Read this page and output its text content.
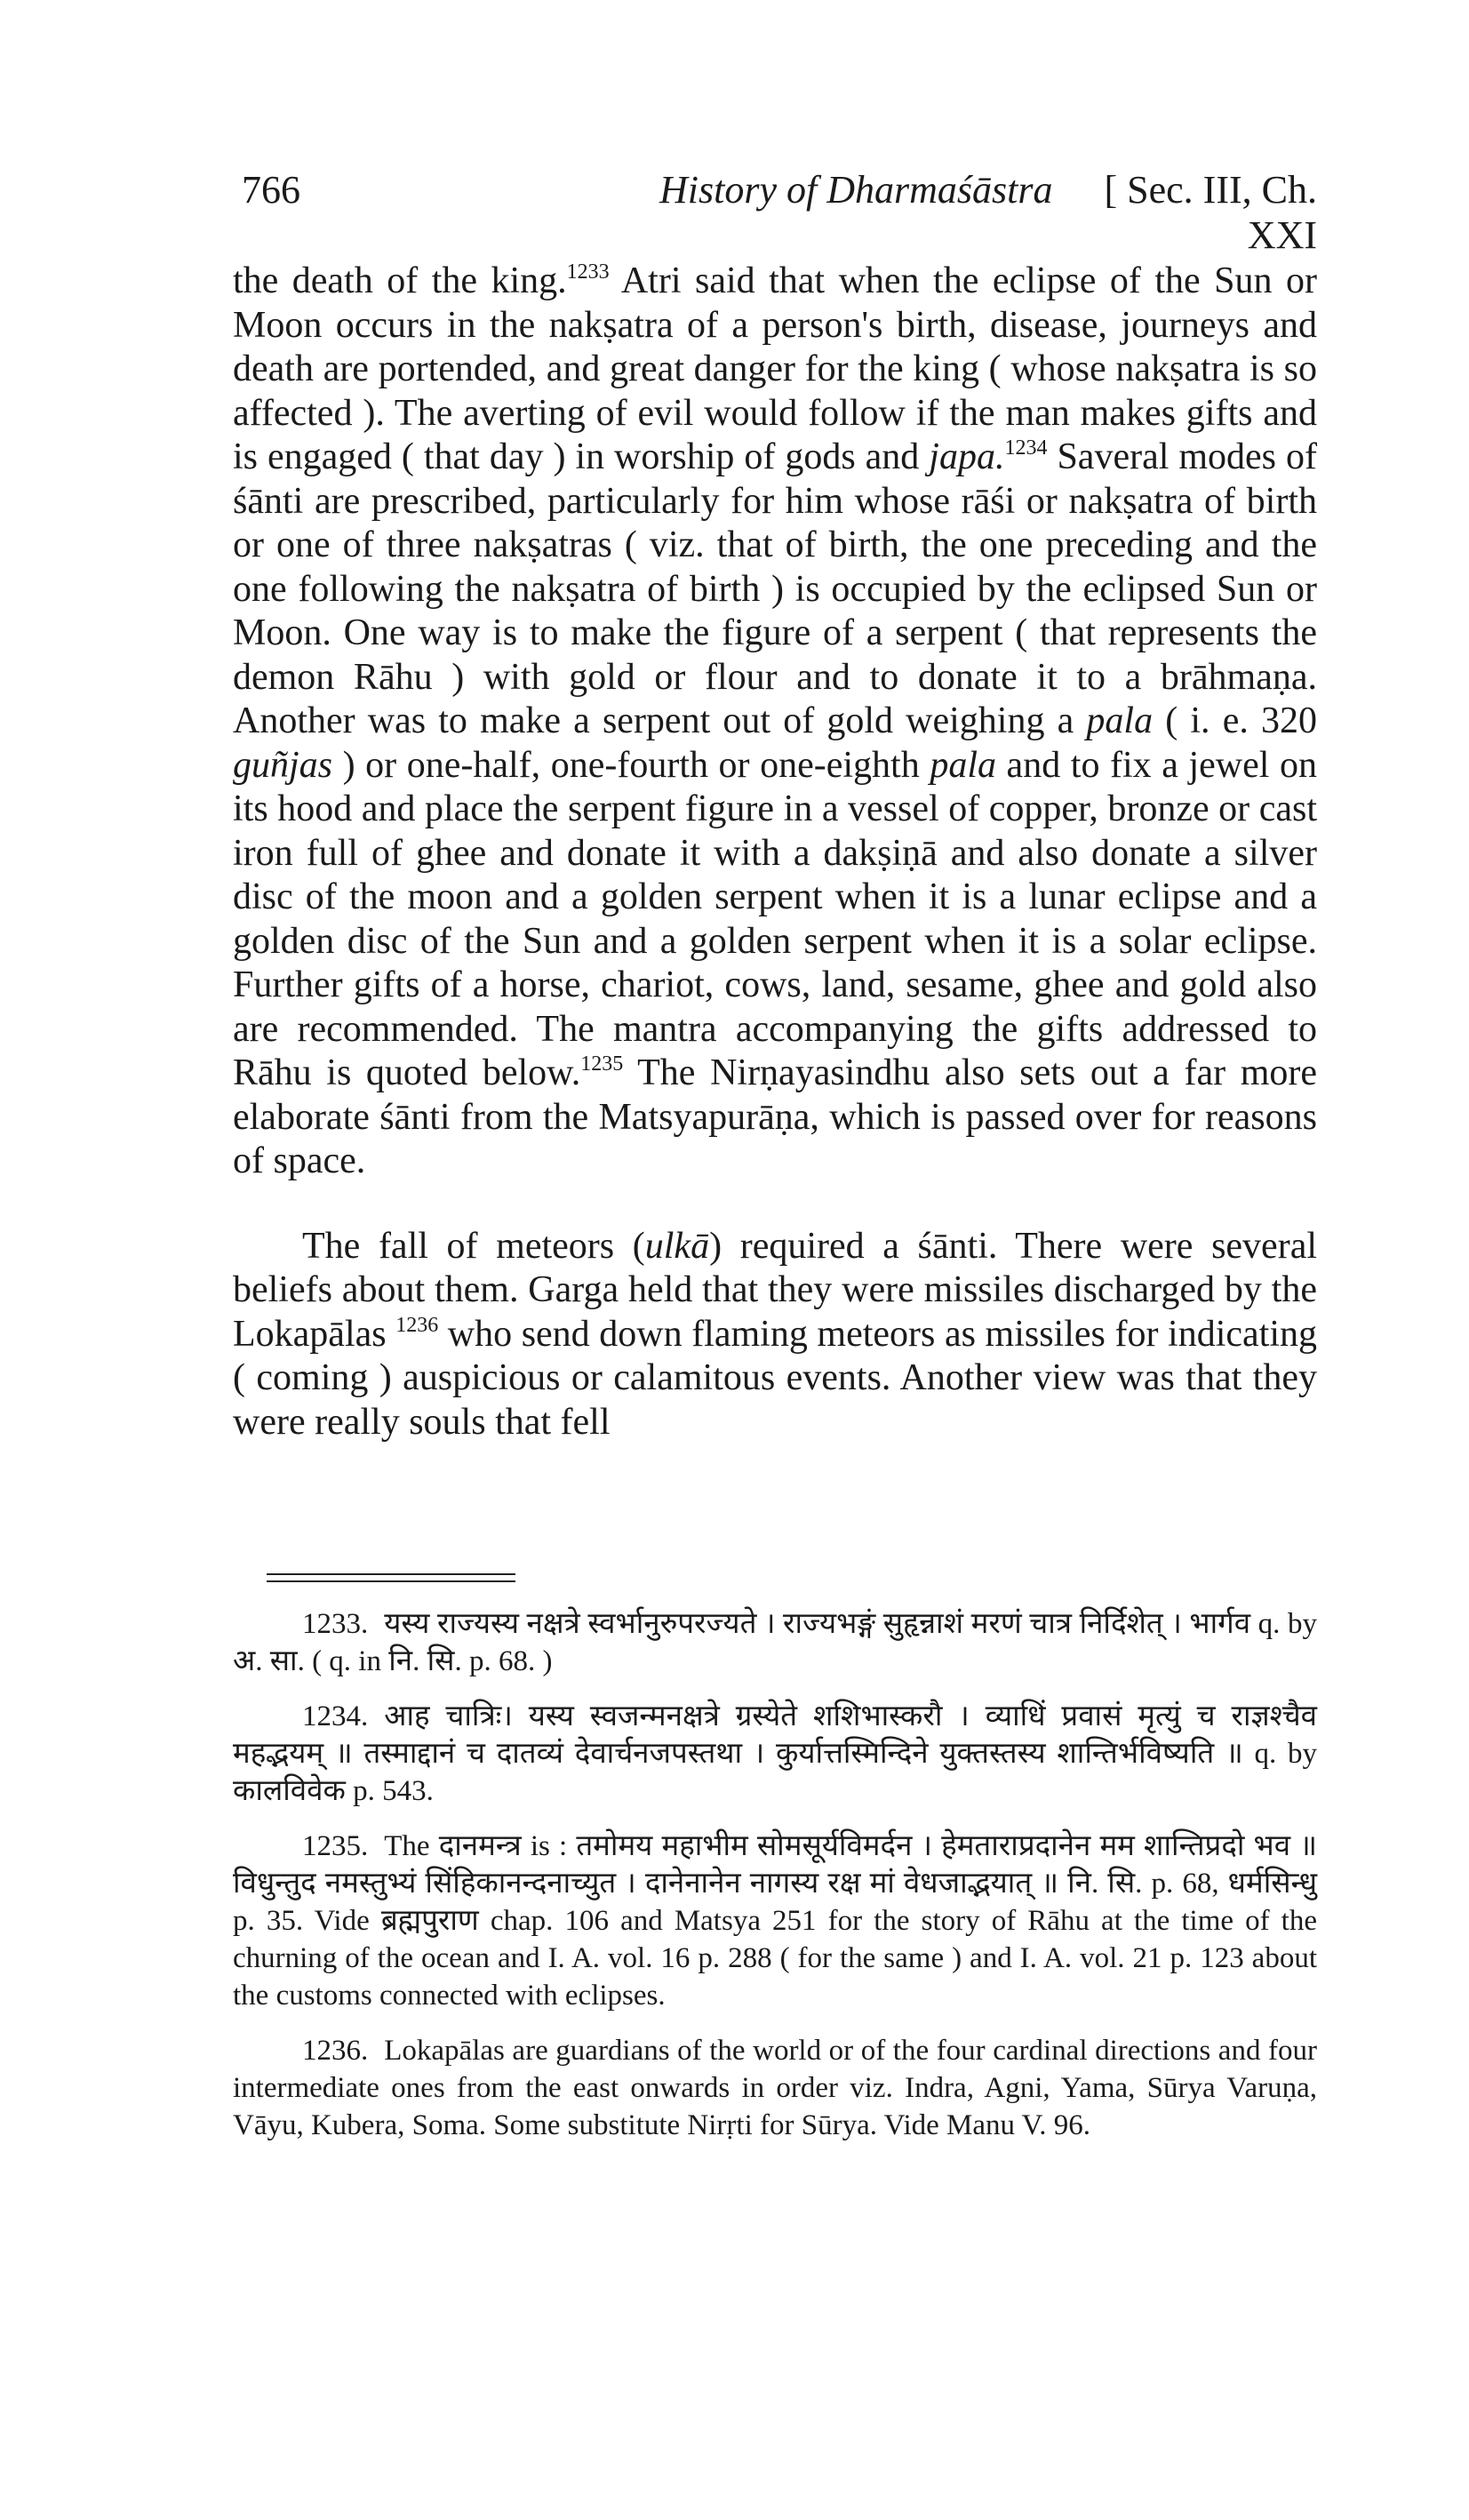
766	History of Dharmaśāstra	[ Sec. III, Ch. XXI

the death of the king.$^{1233}$ Atri said that when the eclipse of the Sun or Moon occurs in the nakṣatra of a person's birth, disease, journeys and death are portended, and great danger for the king ( whose nakṣatra is so affected ). The averting of evil would follow if the man makes gifts and is engaged ( that day ) in worship of gods and japa.$^{1234}$ Saveral modes of śānti are prescribed, particularly for him whose rāśi or nakṣatra of birth or one of three nakṣatras ( viz. that of birth, the one preceding and the one following the nakṣatra of birth ) is occupied by the eclipsed Sun or Moon. One way is to make the figure of a serpent ( that represents the demon Rāhu ) with gold or flour and to donate it to a brāhmaṇa. Another was to make a serpent out of gold weighing a pala ( i. e. 320 guñjas ) or one-half, one-fourth or one-eighth pala and to fix a jewel on its hood and place the serpent figure in a vessel of copper, bronze or cast iron full of ghee and donate it with a dakṣiṇā and also donate a silver disc of the moon and a golden serpent when it is a lunar eclipse and a golden disc of the Sun and a golden serpent when it is a solar eclipse. Further gifts of a horse, chariot, cows, land, sesame, ghee and gold also are recommended. The mantra accompanying the gifts addressed to Rāhu is quoted below.$^{1235}$ The Nirṇayasindhu also sets out a far more elaborate śānti from the Matsyapurāṇa, which is passed over for reasons of space.

The fall of meteors (ulkā) required a śānti. There were several beliefs about them. Garga held that they were missiles discharged by the Lokapālas $^{1236}$ who send down flaming meteors as missiles for indicating ( coming ) auspicious or calamitous events. Another view was that they were really souls that fell

1233. यस्य राज्यस्य नक्षत्रे स्वर्भानुरुपरज्यते । राज्यभङ्गं सुहृन्नाशं मरणं चात्र निर्दिशेत् । भार्गव q. by अ. सा. ( q. in नि. सि. p. 68. )

1234. आह चात्रिः। यस्य स्वजन्मनक्षत्रे ग्रस्येते शशिभास्करौ । व्याधिं प्रवासं मृत्युं च राज्ञश्चैव महद्भयम् ॥ तस्माद्दानं च दातव्यं देवार्चनजपस्तथा । कुर्यात्तस्मिन्दिने युक्तस्तस्य शान्तिर्भविष्यति ॥ q. by कालविवेक p. 543.

1235. The दानमन्त्र is : तमोमय महाभीम सोमसूर्यविमर्दन । हेमताराप्रदानेन मम शान्तिप्रदो भव ॥ विधुन्तुद नमस्तुभ्यं सिंहिकानन्दनाच्युत । दानेनानेन नागस्य रक्ष मां वेधजाद्भयात् ॥ नि. सि. p. 68, धर्मसिन्धु p. 35. Vide ब्रह्मपुराण chap. 106 and Matsya 251 for the story of Rāhu at the time of the churning of the ocean and I. A. vol. 16 p. 288 ( for the same ) and I. A. vol. 21 p. 123 about the customs connected with eclipses.

1236. Lokapālas are guardians of the world or of the four cardinal directions and four intermediate ones from the east onwards in order viz. Indra, Agni, Yama, Sūrya Varuṇa, Vāyu, Kubera, Soma. Some substitute Nirṛti for Sūrya. Vide Manu V. 96.
